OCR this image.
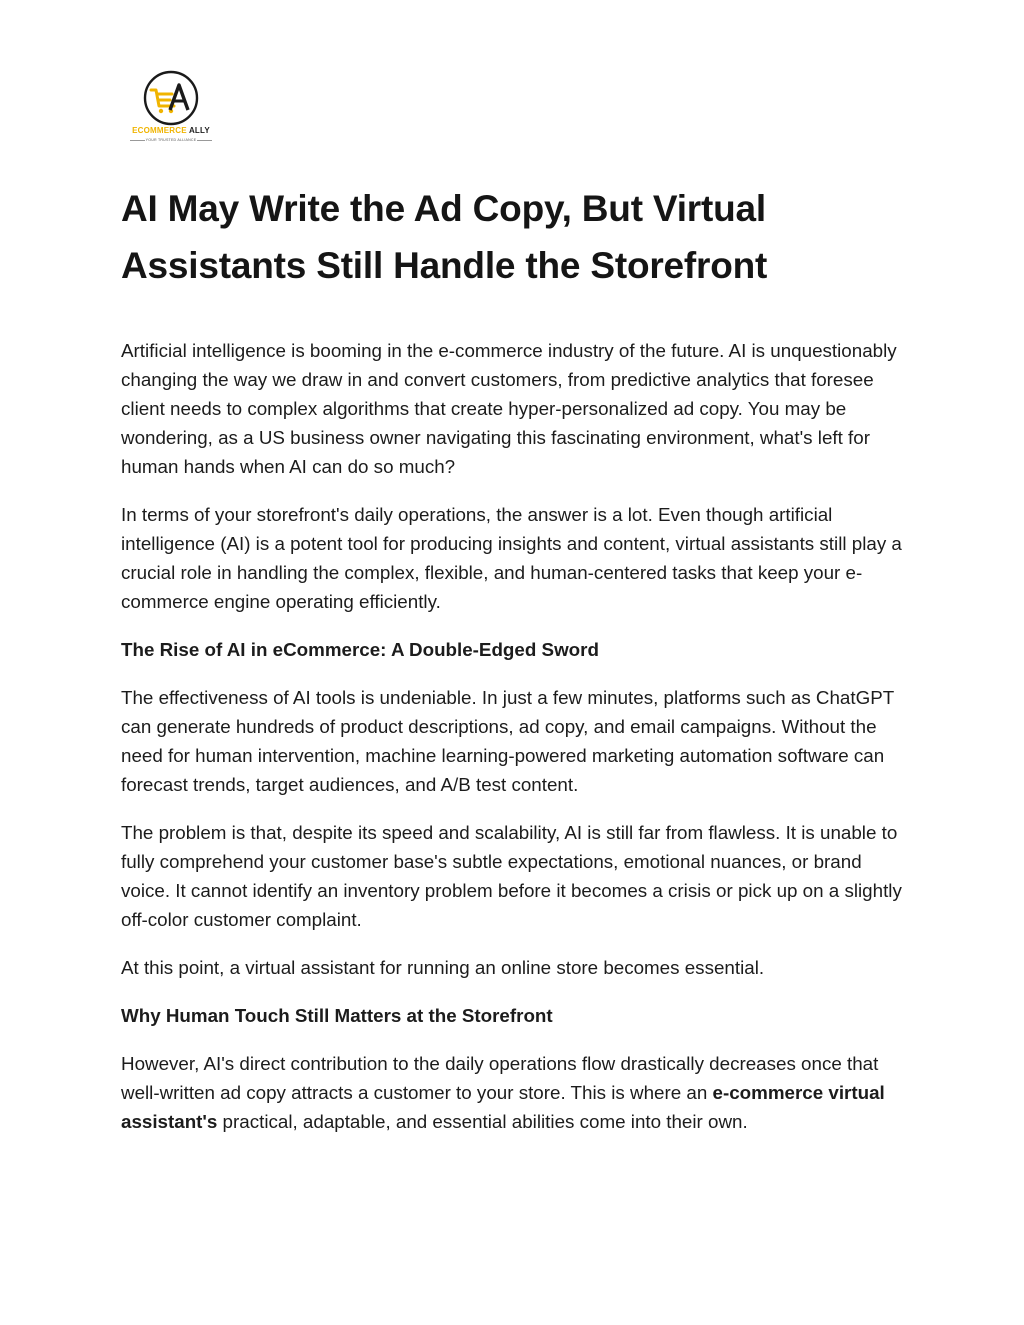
ECOMMERCE ALLY
YOUR TRUSTED ALLIANCE
AI May Write the Ad Copy, But Virtual Assistants Still Handle the Storefront

Artificial intelligence is booming in the e-commerce industry of the future. AI is unquestionably changing the way we draw in and convert customers, from predictive analytics that foresee client needs to complex algorithms that create hyper-personalized ad copy. You may be wondering, as a US business owner navigating this fascinating environment, what's left for human hands when AI can do so much?

In terms of your storefront's daily operations, the answer is a lot. Even though artificial intelligence (AI) is a potent tool for producing insights and content, virtual assistants still play a crucial role in handling the complex, flexible, and human-centered tasks that keep your e-commerce engine operating efficiently.

The Rise of AI in eCommerce: A Double-Edged Sword

The effectiveness of AI tools is undeniable. In just a few minutes, platforms such as ChatGPT can generate hundreds of product descriptions, ad copy, and email campaigns. Without the need for human intervention, machine learning-powered marketing automation software can forecast trends, target audiences, and A/B test content.

The problem is that, despite its speed and scalability, AI is still far from flawless. It is unable to fully comprehend your customer base's subtle expectations, emotional nuances, or brand voice. It cannot identify an inventory problem before it becomes a crisis or pick up on a slightly off-color customer complaint.

At this point, a virtual assistant for running an online store becomes essential.

Why Human Touch Still Matters at the Storefront

However, AI's direct contribution to the daily operations flow drastically decreases once that well-written ad copy attracts a customer to your store. This is where an e-commerce virtual assistant's practical, adaptable, and essential abilities come into their own.
